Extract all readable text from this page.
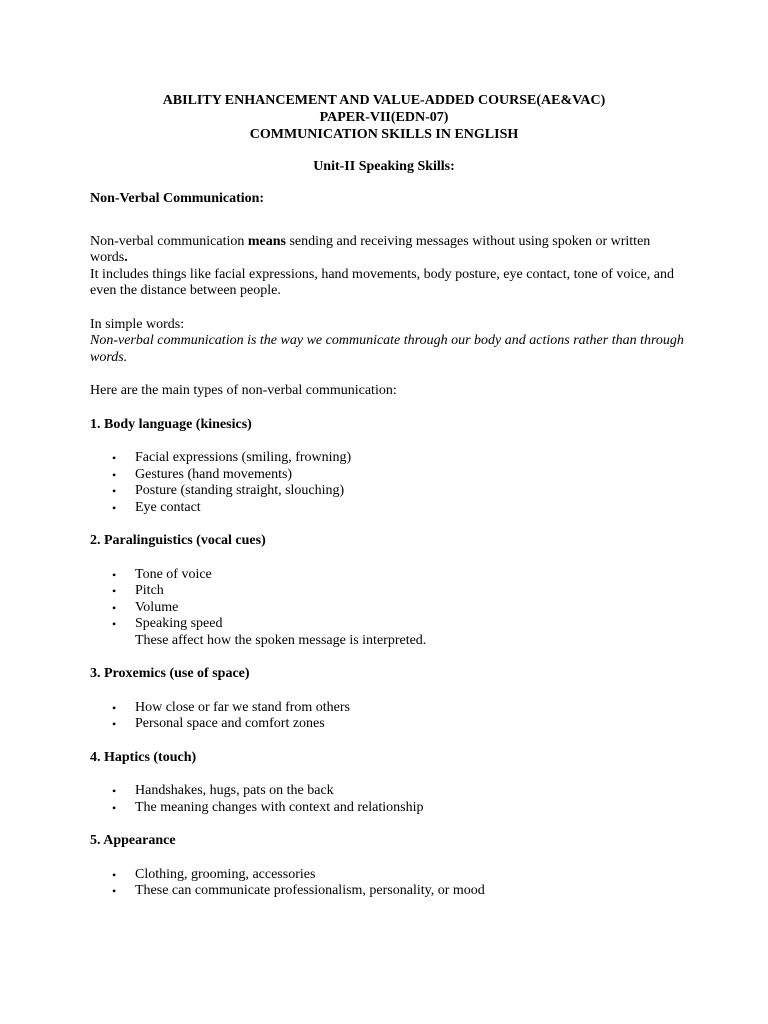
ABILITY ENHANCEMENT AND VALUE-ADDED COURSE(AE&VAC)
PAPER-VII(EDN-07)
COMMUNICATION SKILLS IN ENGLISH
Unit-II Speaking Skills:

Non-Verbal Communication:

Non-verbal communication means sending and receiving messages without using spoken or written
words.

It includes things like facial expressions, hand movements, body posture, eye contact, tone of voice, and
even the distance between people.

In simple words:

Non-verbal communication is the way we communicate through our body and actions rather than through
words.

Here are the main types of non-verbal communication:

1. Body language (kinesics)

• Facial expressions (smiling, frowning)
• Gestures (hand movements)
• Posture (standing straight, slouching)
• Eye contact

2. Paralinguistics (vocal cues)

• Tone of voice
• Pitch
• Volume
• Speaking speed

These affect how the spoken message is interpreted.

3. Proxemics (use of space)

• How close or far we stand from others
• Personal space and comfort zones

4. Haptics (touch)

• Handshakes, hugs, pats on the back
• The meaning changes with context and relationship

5. Appearance

• Clothing, grooming, accessories
• These can communicate professionalism, personality, or mood
